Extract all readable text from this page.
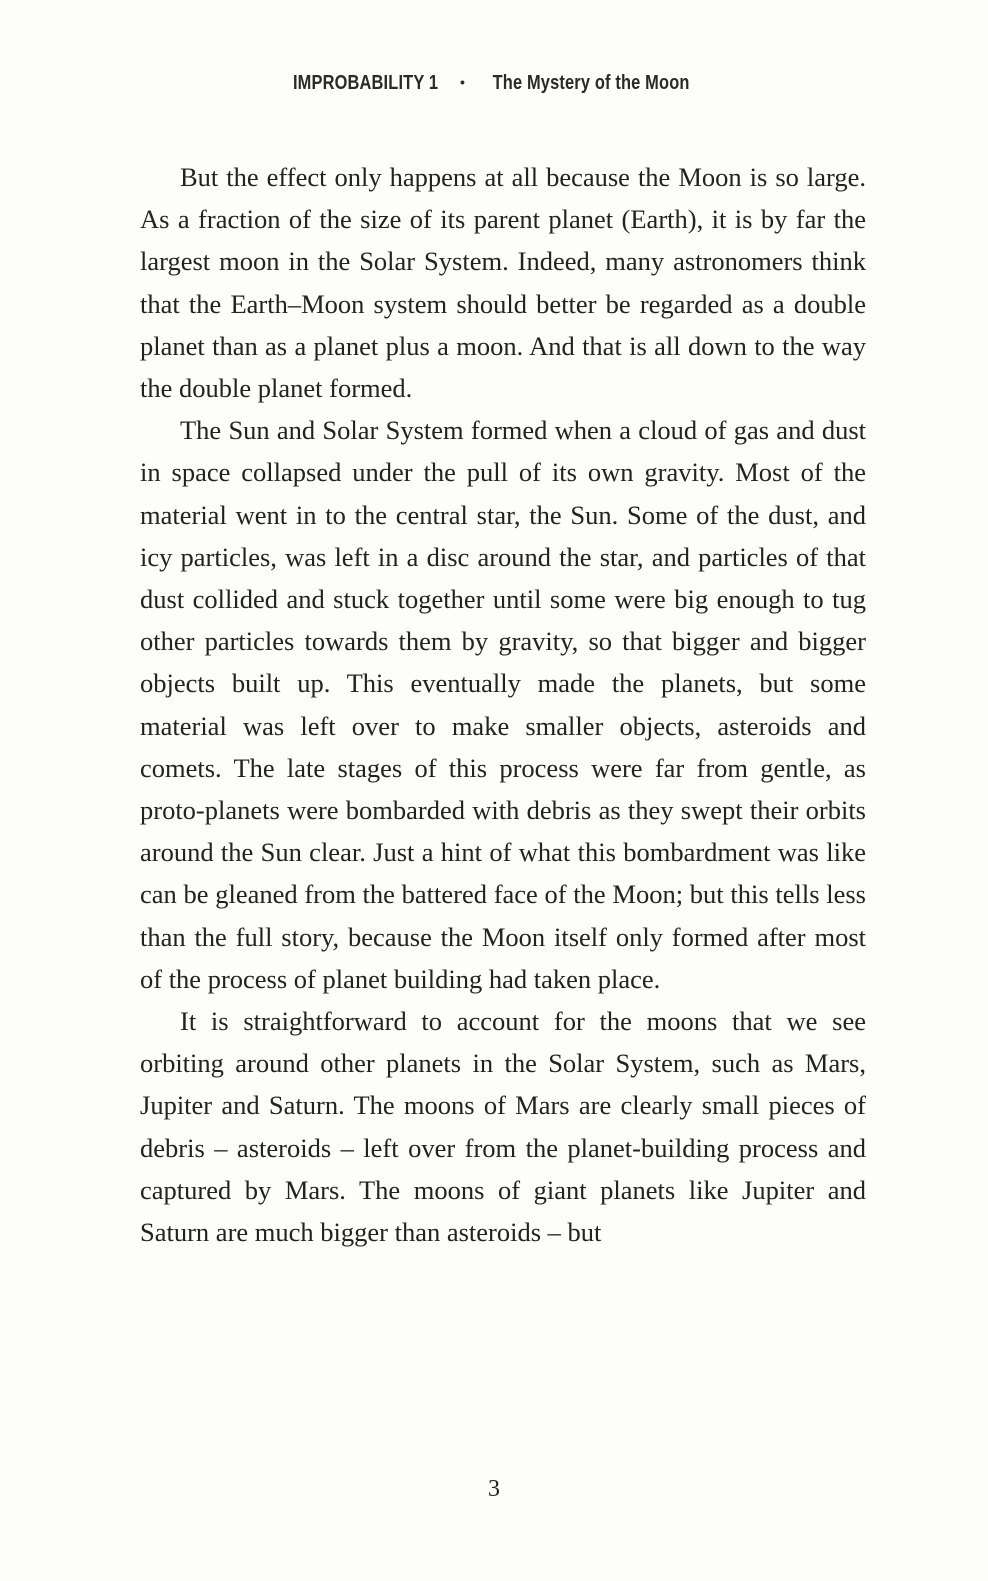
IMPROBABILITY 1 • The Mystery of the Moon

But the effect only happens at all because the Moon is so large. As a fraction of the size of its parent planet (Earth), it is by far the largest moon in the Solar System. Indeed, many astronomers think that the Earth–Moon system should better be regarded as a double planet than as a planet plus a moon. And that is all down to the way the double planet formed.

The Sun and Solar System formed when a cloud of gas and dust in space collapsed under the pull of its own gravity. Most of the material went in to the central star, the Sun. Some of the dust, and icy particles, was left in a disc around the star, and particles of that dust collided and stuck together until some were big enough to tug other particles towards them by gravity, so that bigger and bigger objects built up. This eventually made the planets, but some material was left over to make smaller objects, asteroids and comets. The late stages of this process were far from gentle, as proto-planets were bombarded with debris as they swept their orbits around the Sun clear. Just a hint of what this bombardment was like can be gleaned from the battered face of the Moon; but this tells less than the full story, because the Moon itself only formed after most of the process of planet building had taken place.

It is straightforward to account for the moons that we see orbiting around other planets in the Solar System, such as Mars, Jupiter and Saturn. The moons of Mars are clearly small pieces of debris – asteroids – left over from the planet-building process and captured by Mars. The moons of giant planets like Jupiter and Saturn are much bigger than asteroids – but

3
